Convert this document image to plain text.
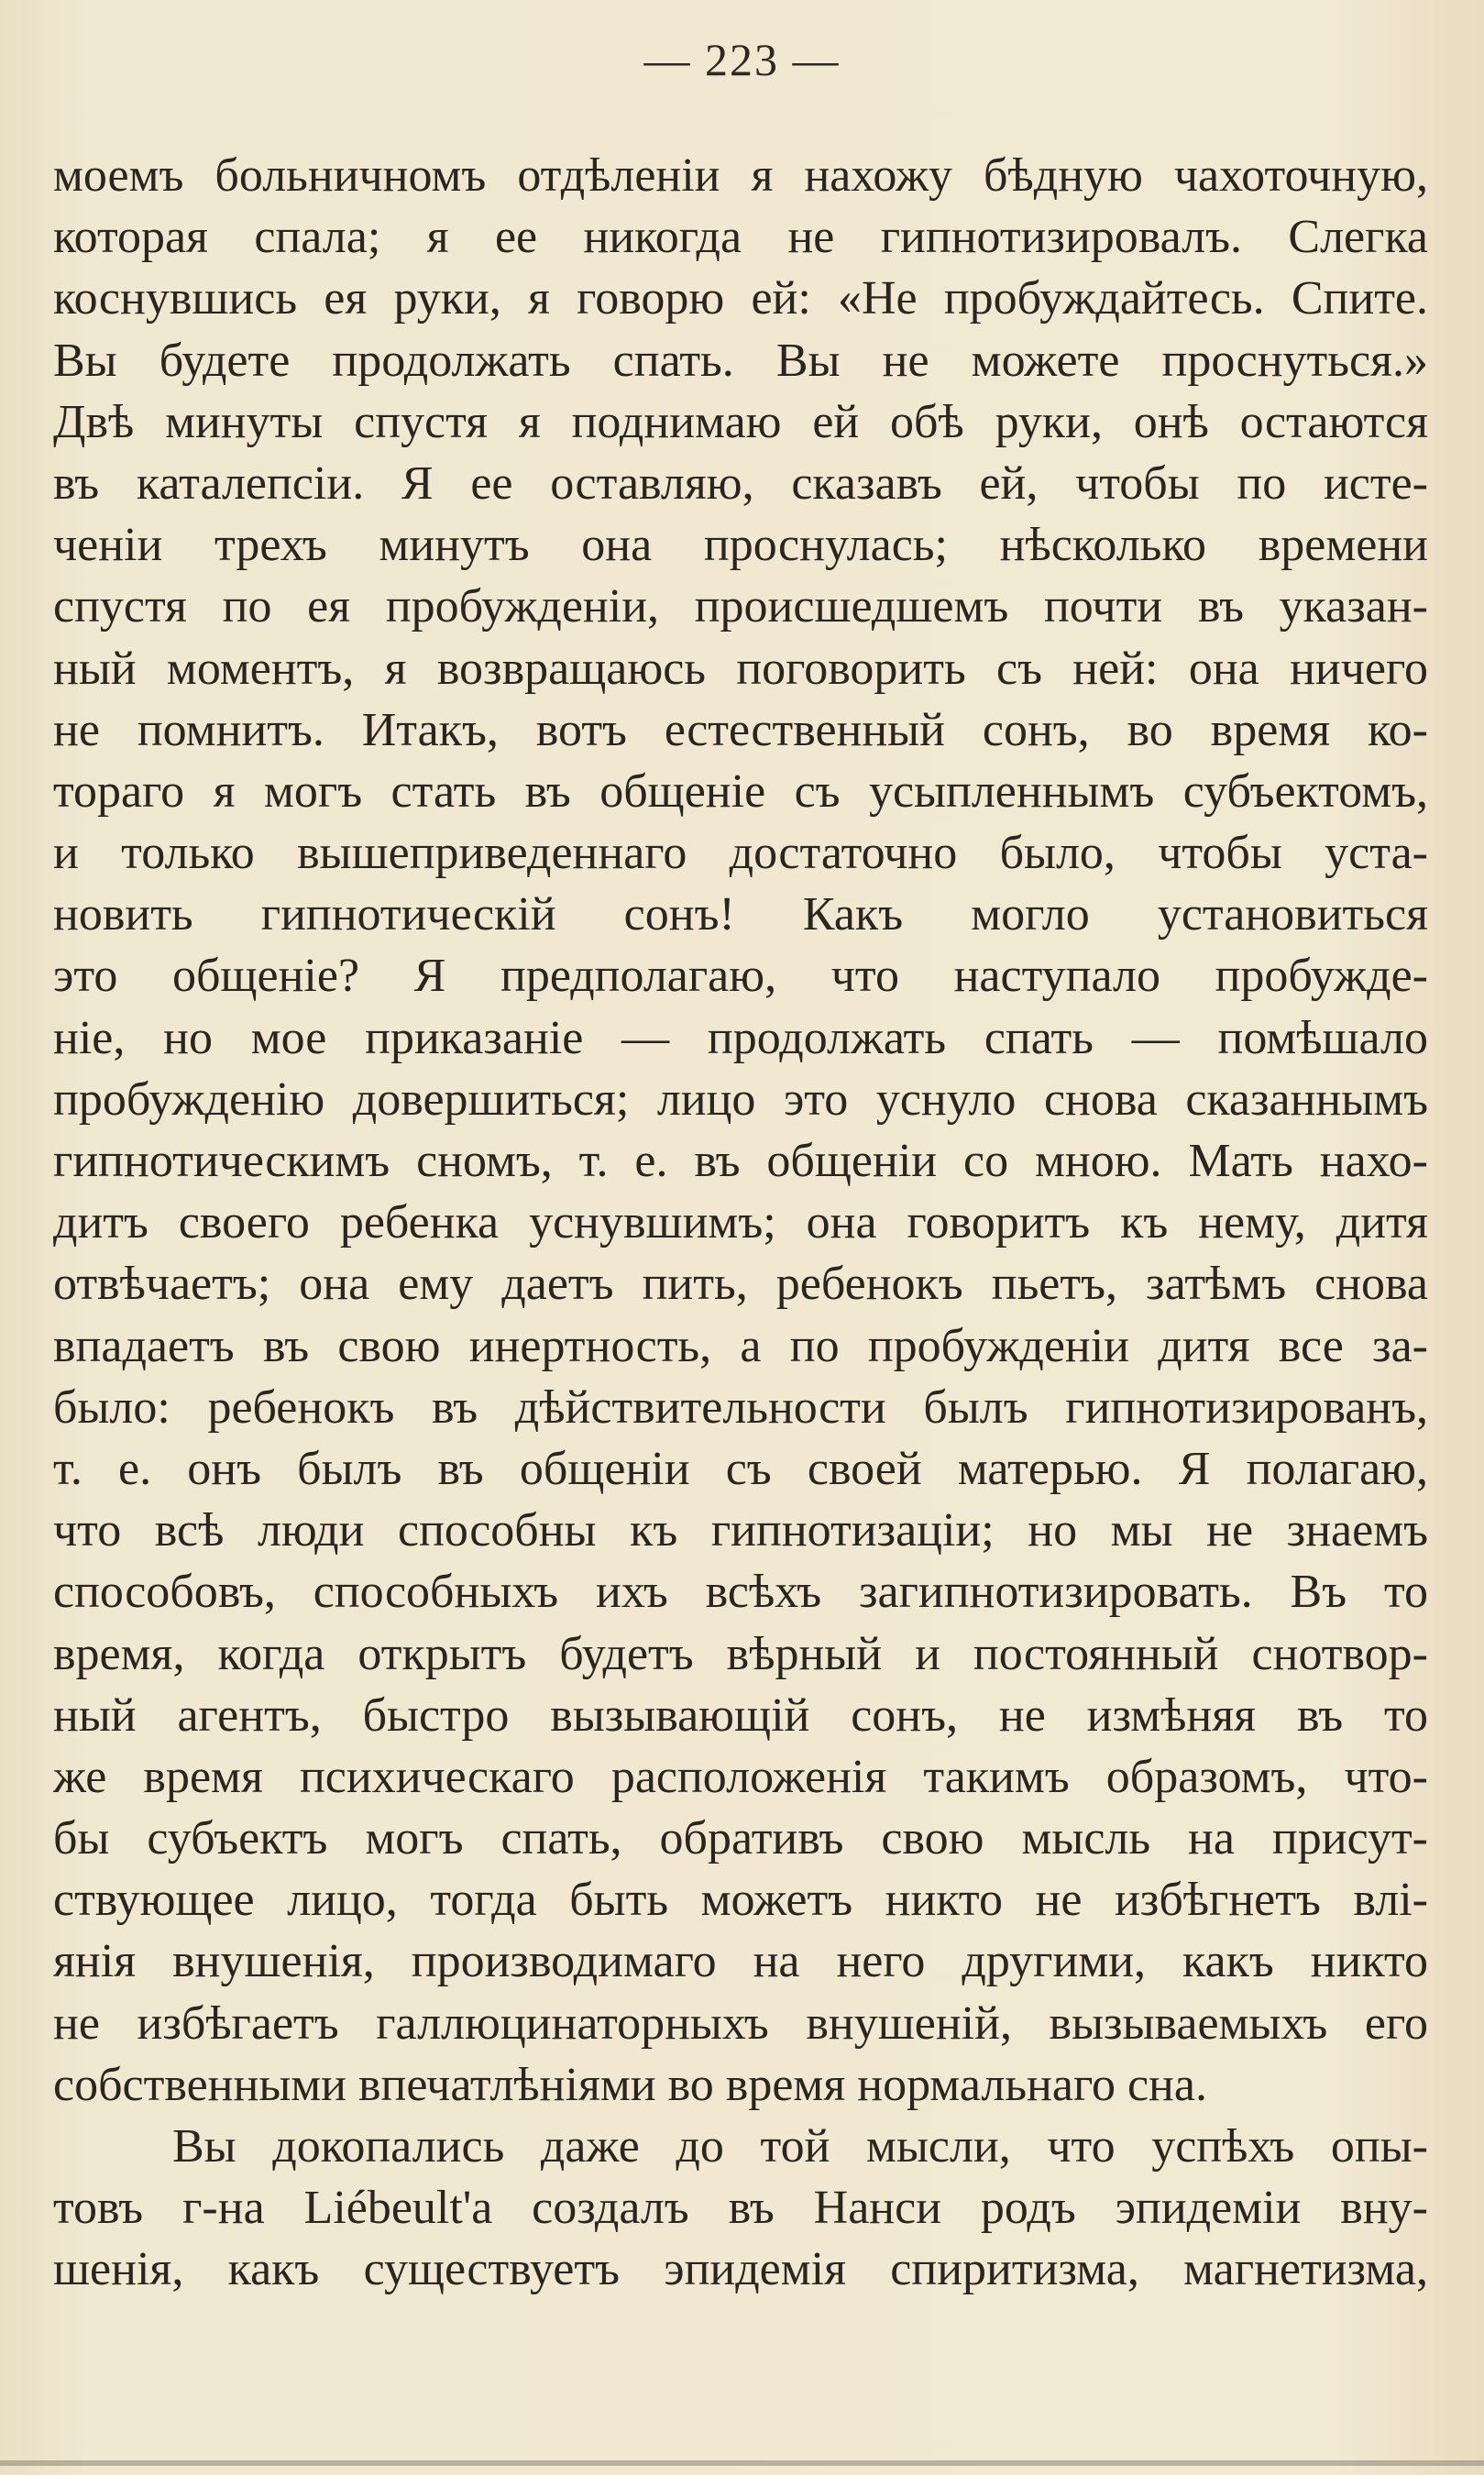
— 223 —
моемъ больничномъ отдѣленіи я нахожу бѣдную чахоточную,
которая спала; я ее никогда не гипнотизировалъ. Слегка
коснувшись ея руки, я говорю ей: «Не пробуждайтесь. Спите.
Вы будете продолжать спать. Вы не можете проснуться.»
Двѣ минуты спустя я поднимаю ей обѣ руки, онѣ остаются
въ каталепсіи. Я ее оставляю, сказавъ ей, чтобы по исте-
ченіи трехъ минутъ она проснулась; нѣсколько времени
спустя по ея пробужденіи, происшедшемъ почти въ указан-
ный моментъ, я возвращаюсь поговорить съ ней: она ничего
не помнитъ. Итакъ, вотъ естественный сонъ, во время ко-
тораго я могъ стать въ общеніе съ усыпленнымъ субъектомъ,
и только вышеприведеннаго достаточно было, чтобы уста-
новить гипнотическій сонъ! Какъ могло установиться
это общеніе? Я предполагаю, что наступало пробужде-
ніе, но мое приказаніе — продолжать спать — помѣшало
пробужденію довершиться; лицо это уснуло снова сказаннымъ
гипнотическимъ сномъ, т. е. въ общеніи со мною. Мать нахо-
дитъ своего ребенка уснувшимъ; она говоритъ къ нему, дитя
отвѣчаетъ; она ему даетъ пить, ребенокъ пьетъ, затѣмъ снова
впадаетъ въ свою инертность, а по пробужденіи дитя все за-
было: ребенокъ въ дѣйствительности былъ гипнотизированъ,
т. е. онъ былъ въ общеніи съ своей матерью. Я полагаю,
что всѣ люди способны къ гипнотизаціи; но мы не знаемъ
способовъ, способныхъ ихъ всѣхъ загипнотизировать. Въ то
время, когда открытъ будетъ вѣрный и постоянный снотвор-
ный агентъ, быстро вызывающій сонъ, не измѣняя въ то
же время психическаго расположенія такимъ образомъ, что-
бы субъектъ могъ спать, обративъ свою мысль на присут-
ствующее лицо, тогда быть можетъ никто не избѣгнетъ влі-
янія внушенія, производимаго на него другими, какъ никто
не избѣгаетъ галлюцинаторныхъ внушеній, вызываемыхъ его
собственными впечатлѣніями во время нормальнаго сна.
Вы докопались даже до той мысли, что успѣхъ опы-
товъ г-на Liébeult'а создалъ въ Нанси родъ эпидеміи вну-
шенія, какъ существуетъ эпидемія спиритизма, магнетизма,
